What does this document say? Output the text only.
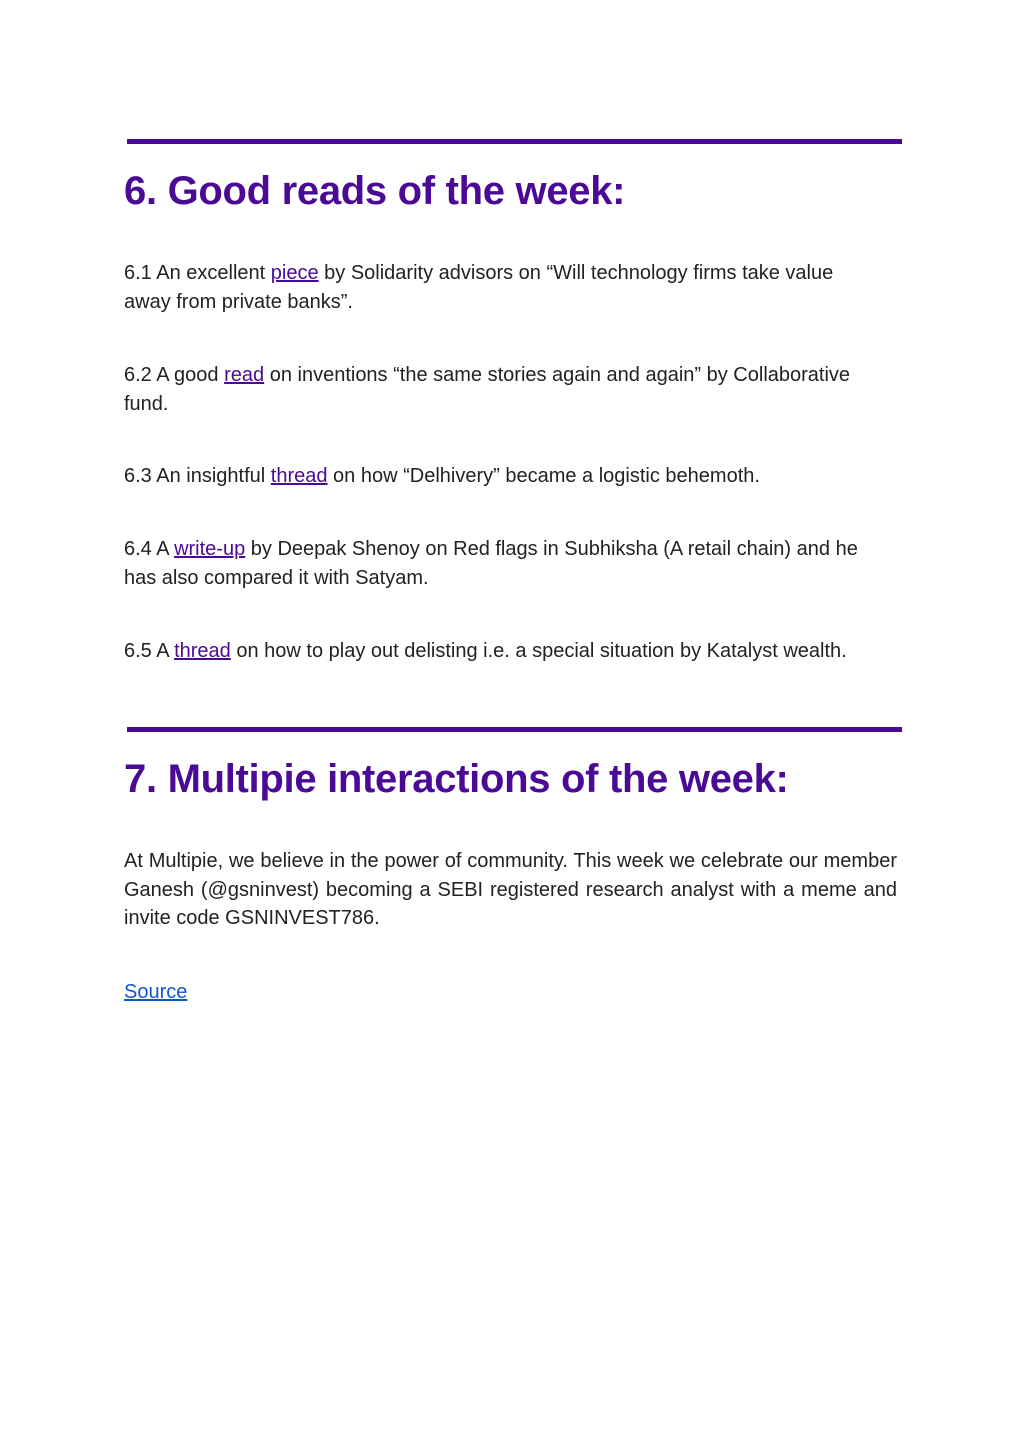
6. Good reads of the week:

6.1 An excellent piece by Solidarity advisors on “Will technology firms take value away from private banks”.

6.2 A good read on inventions “the same stories again and again” by Collaborative fund.

6.3 An insightful thread on how “Delhivery” became a logistic behemoth.

6.4 A write-up by Deepak Shenoy on Red flags in Subhiksha (A retail chain) and he has also compared it with Satyam.

6.5 A thread on how to play out delisting i.e. a special situation by Katalyst wealth.

7. Multipie interactions of the week:

At Multipie, we believe in the power of community. This week we celebrate our member Ganesh (@gsninvest) becoming a SEBI registered research analyst with a meme and invite code GSNINVEST786.

Source
